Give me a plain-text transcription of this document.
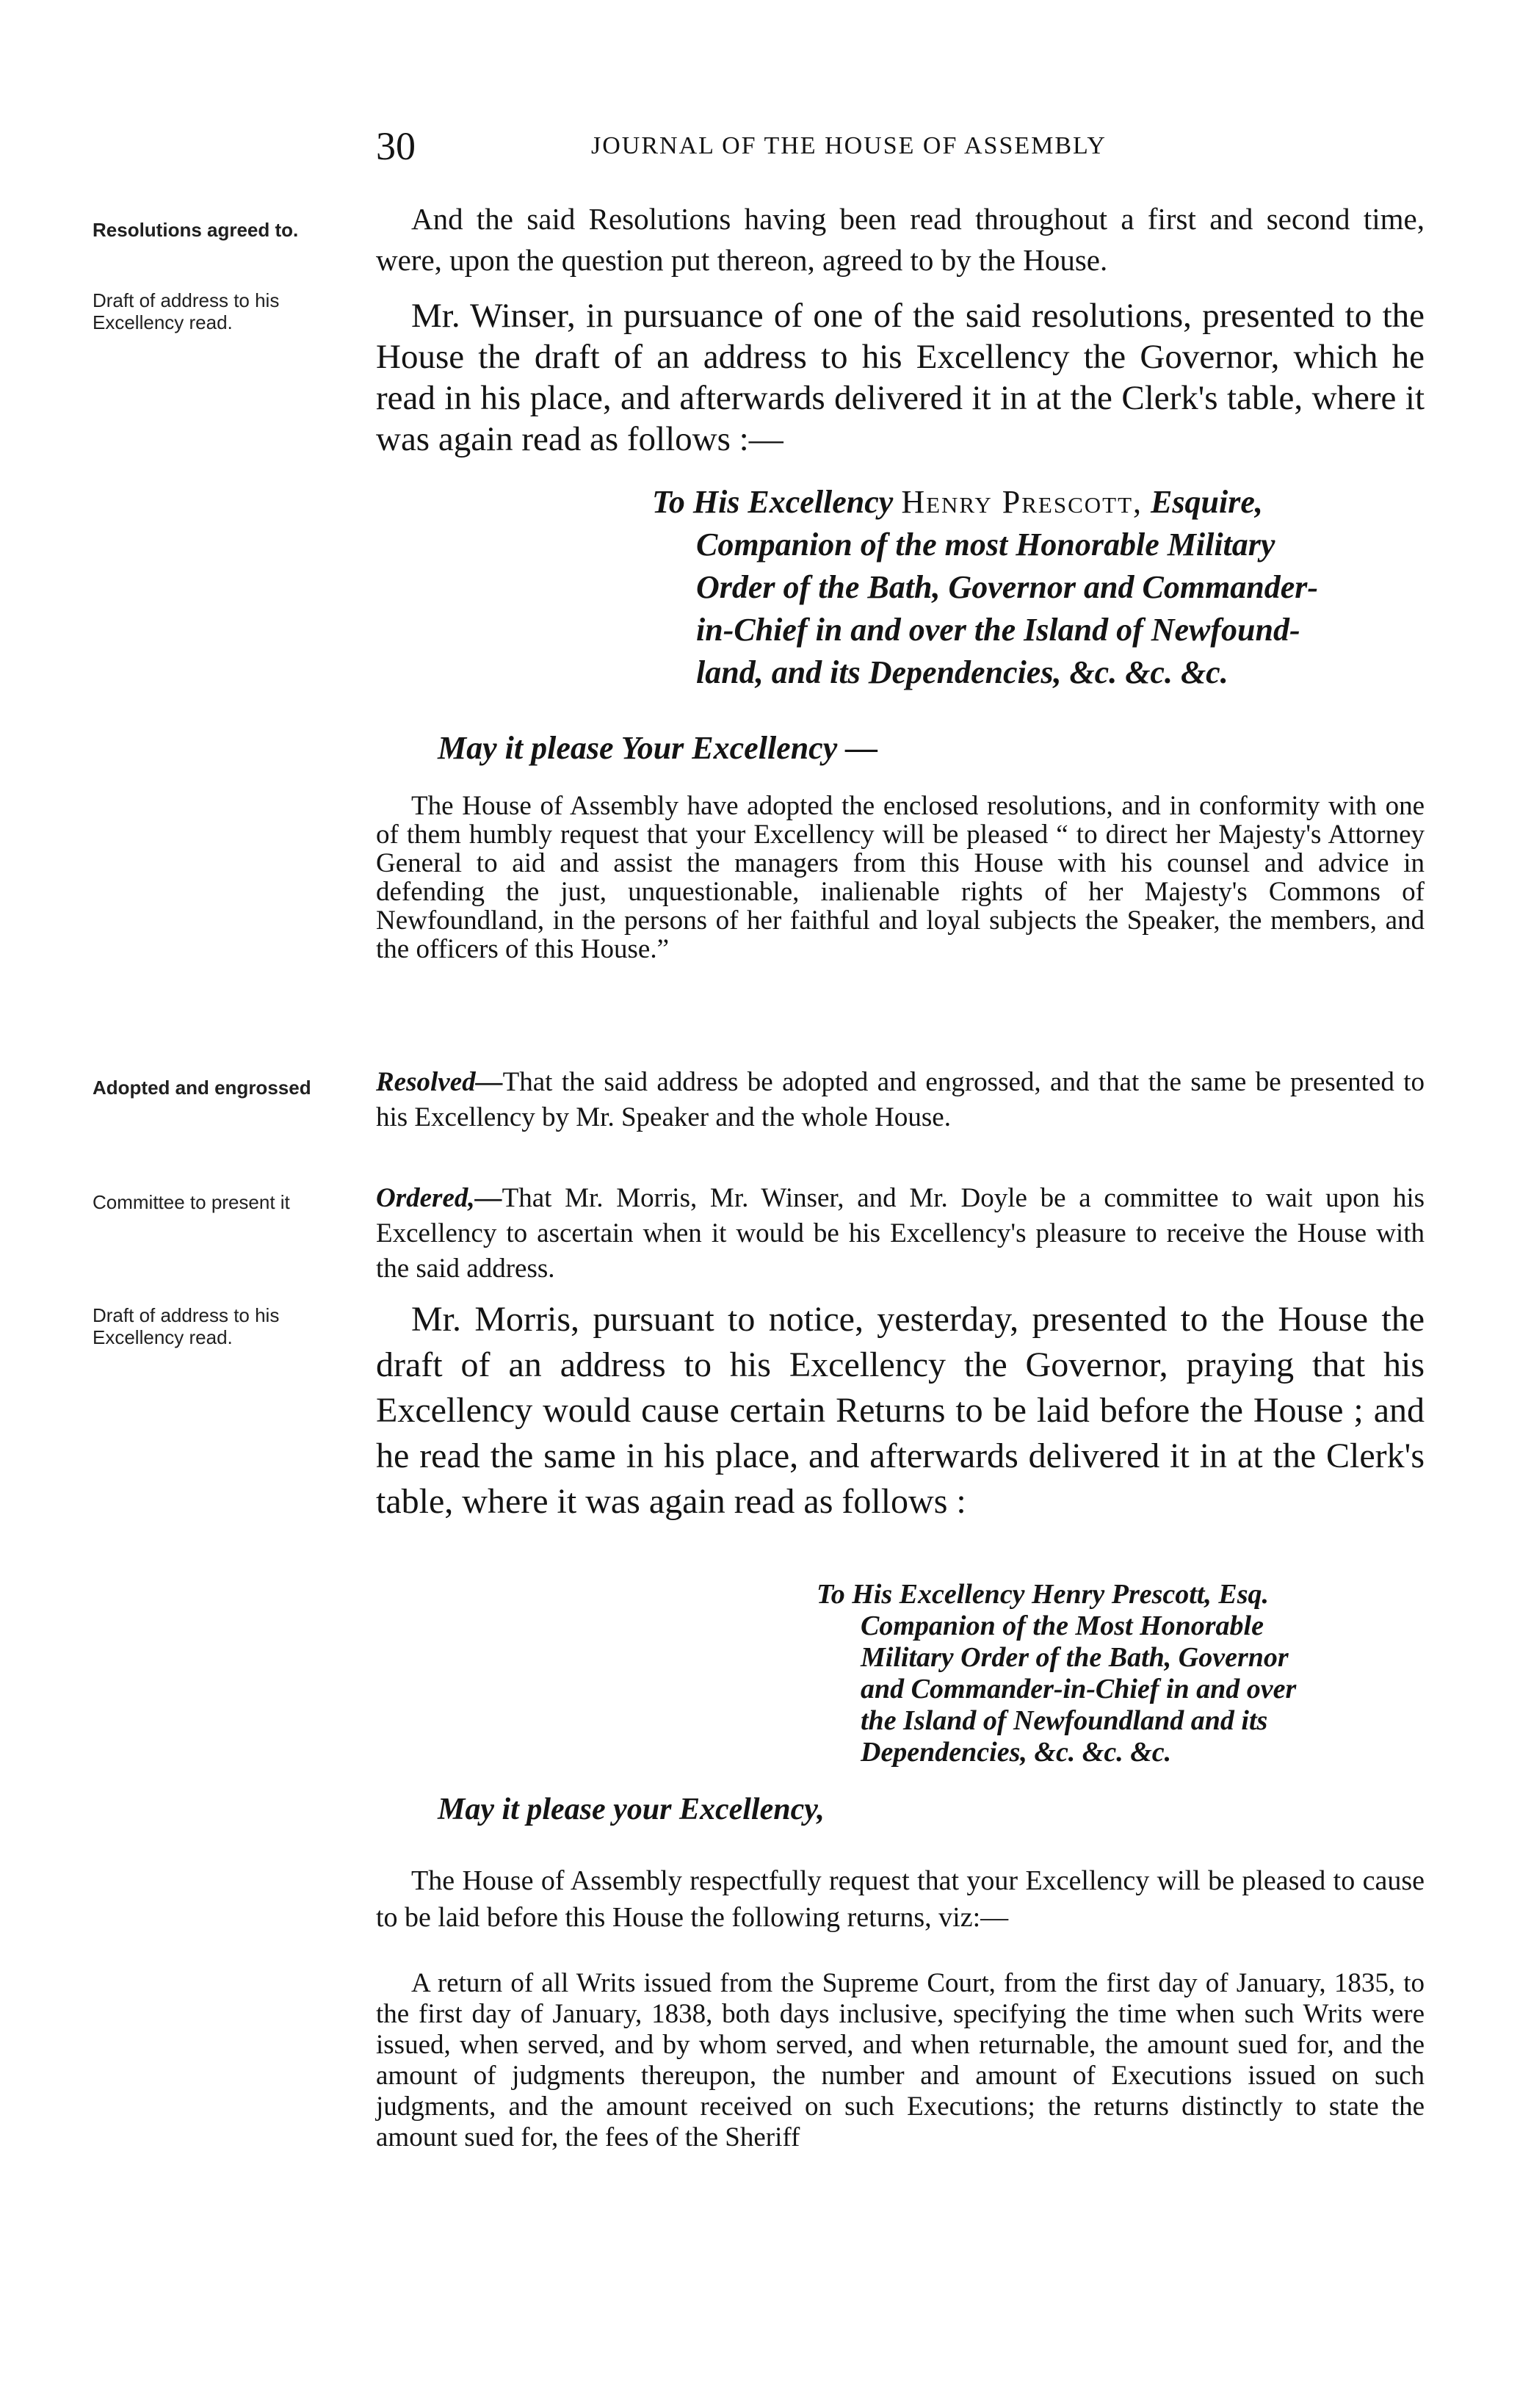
30	JOURNAL OF THE HOUSE OF ASSEMBLY
Resolutions agreed to.
Draft of address to his Excellency read.
Adopted and engrossed
Committee to present it
Draft of address to his Excellency read.

And the said Resolutions having been read throughout a first and second time, were, upon the question put thereon, agreed to by the House.

Mr. Winser, in pursuance of one of the said resolutions, presented to the House the draft of an address to his Excellency the Governor, which he read in his place, and afterwards delivered it in at the Clerk's table, where it was again read as follows :—

To His Excellency Henry Prescott, Esquire,
Companion of the most Honorable Military
Order of the Bath, Governor and Commander-
in-Chief in and over the Island of Newfound-
land, and its Dependencies, &c. &c. &c.

May it please Your Excellency —

The House of Assembly have adopted the enclosed resolutions, and in conformity with one of them humbly request that your Excellency will be pleased “ to direct her Majesty's Attorney General to aid and assist the managers from this House with his counsel and advice in defending the just, unquestionable, inalienable rights of her Majesty's Commons of Newfoundland, in the persons of her faithful and loyal subjects the Speaker, the members, and the officers of this House.”

Resolved—That the said address be adopted and engrossed, and that the same be presented to his Excellency by Mr. Speaker and the whole House.

Ordered,—That Mr. Morris, Mr. Winser, and Mr. Doyle be a committee to wait upon his Excellency to ascertain when it would be his Excellency's pleasure to receive the House with the said address.

Mr. Morris, pursuant to notice, yesterday, presented to the House the draft of an address to his Excellency the Governor, praying that his Excellency would cause certain Returns to be laid before the House ; and he read the same in his place, and afterwards delivered it in at the Clerk's table, where it was again read as follows :

To His Excellency Henry Prescott, Esq.
Companion of the Most Honorable
Military Order of the Bath, Governor
and Commander-in-Chief in and over
the Island of Newfoundland and its
Dependencies, &c. &c. &c.

May it please your Excellency,

The House of Assembly respectfully request that your Excellency will be pleased to cause to be laid before this House the following returns, viz:—

A return of all Writs issued from the Supreme Court, from the first day of January, 1835, to the first day of January, 1838, both days inclusive, specifying the time when such Writs were issued, when served, and by whom served, and when returnable, the amount sued for, and the amount of judgments thereupon, the number and amount of Executions issued on such judgments, and the amount received on such Executions; the returns distinctly to state the amount sued for, the fees of the Sheriff
